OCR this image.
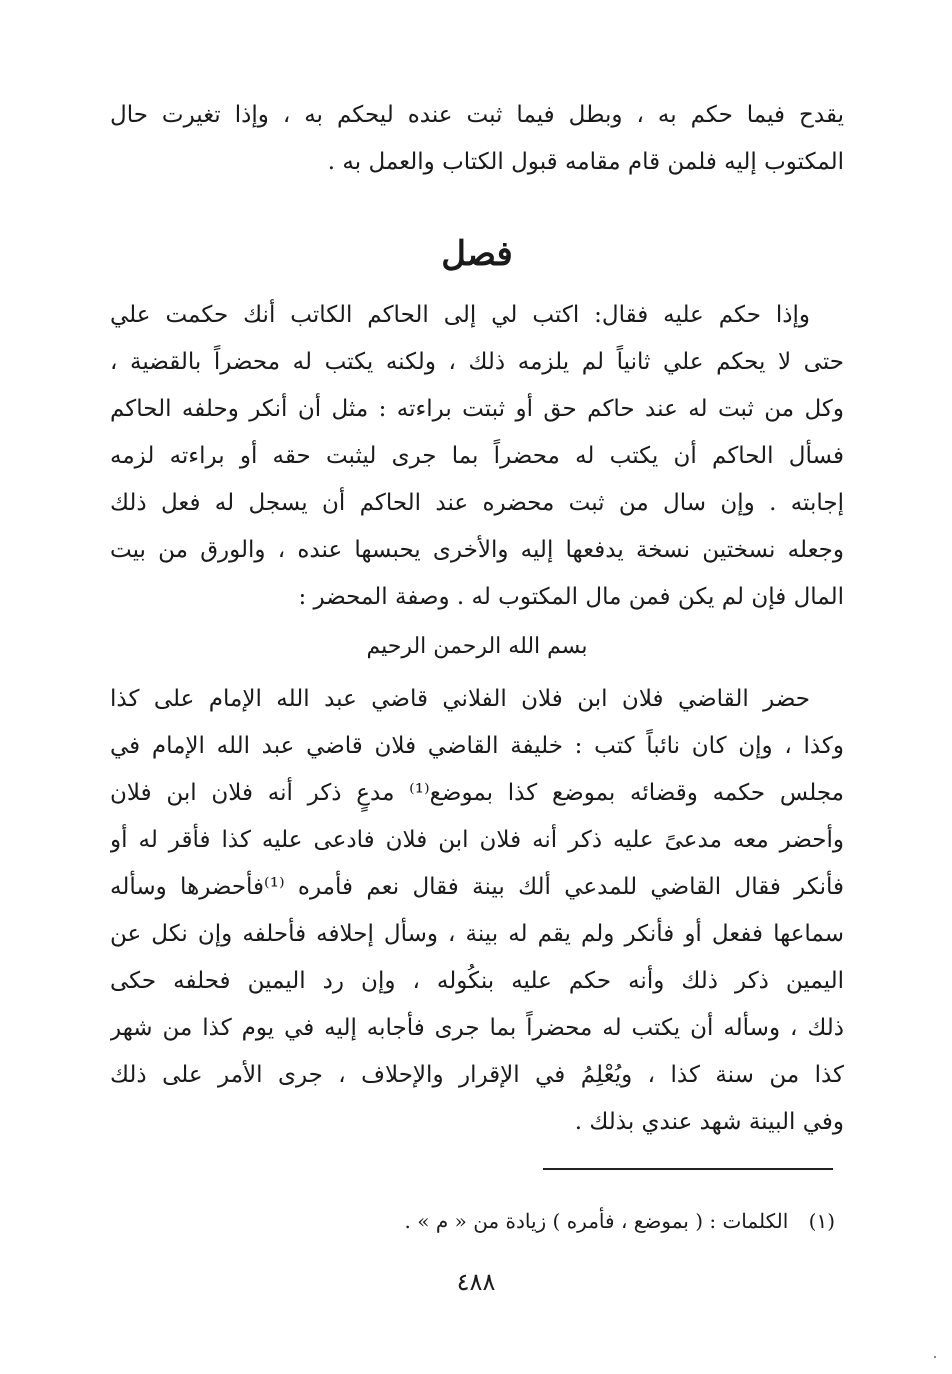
يقدح فيما حكم به ، وبطل فيما ثبت عنده ليحكم به ، وإذا تغيرت حال
المكتوب إليه فلمن قام مقامه قبول الكتاب والعمل به .
فصل
وإذا حكم عليه فقال: اكتب لي إلى الحاكم الكاتب أنك حكمت علي
حتى لا يحكم علي ثانياً لم يلزمه ذلك ، ولكنه يكتب له محضراً بالقضية ،
وكل من ثبت له عند حاكم حق أو ثبتت براءته : مثل أن أنكر وحلفه الحاكم
فسأل الحاكم أن يكتب له محضراً بما جرى ليثبت حقه أو براءته لزمه
إجابته . وإن سال من ثبت محضره عند الحاكم أن يسجل له فعل ذلك
وجعله نسختين نسخة يدفعها إليه والأخرى يحبسها عنده ، والورق من بيت
المال فإن لم يكن فمن مال المكتوب له . وصفة المحضر :
بسم الله الرحمن الرحيم
حضر القاضي فلان ابن فلان الفلاني قاضي عبد الله الإمام على كذا
وكذا ، وإن كان نائباً كتب : خليفة القاضي فلان قاضي عبد الله الإمام في
مجلس حكمه وقضائه بموضع كذا بموضع⁽¹⁾ مدعٍ ذكر أنه فلان ابن فلان
وأحضر معه مدعىً عليه ذكر أنه فلان ابن فلان فادعى عليه كذا فأقر له أو
فأنكر فقال القاضي للمدعي ألك بينة فقال نعم فأمره ⁽¹⁾فأحضرها وسأله
سماعها ففعل أو فأنكر ولم يقم له بينة ، وسأل إحلافه فأحلفه وإن نكل عن
اليمين ذكر ذلك وأنه حكم عليه بنكُوله ، وإن رد اليمين فحلفه حكى
ذلك ، وسأله أن يكتب له محضراً بما جرى فأجابه إليه في يوم كذا من شهر
كذا من سنة كذا ، ويُعْلِمُ في الإقرار والإحلاف ، جرى الأمر على ذلك
وفي البينة شهد عندي بذلك .
(١) الكلمات : ( بموضع ، فأمره ) زيادة من « م » .
٤٨٨
